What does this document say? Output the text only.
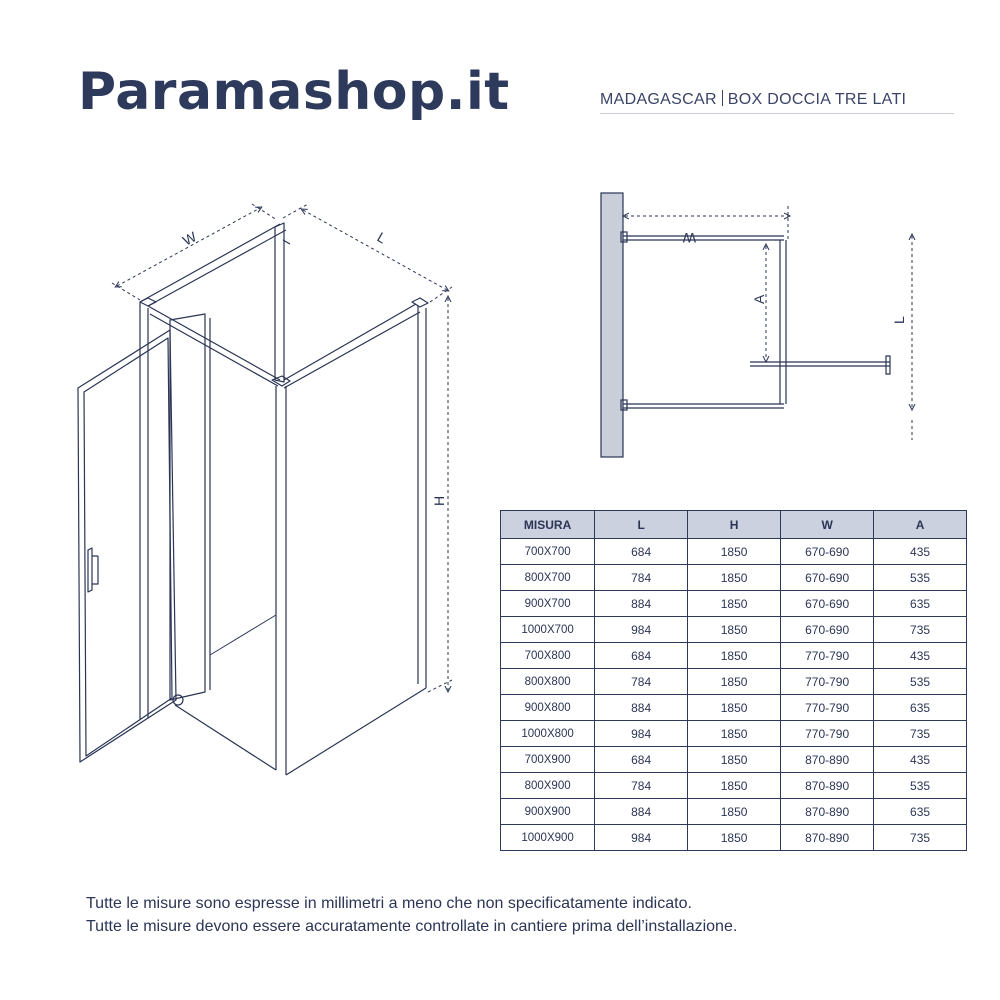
Paramashop.it	MADAGASCAR BOX DOCCIA TRE LATI
W	L
H
W
A
L
MISURA	L	H	W	A
700X700	684	1850	670-690	435
800X700	784	1850	670-690	535
900X700	884	1850	670-690	635
1000X700	984	1850	670-690	735
700X800	684	1850	770-790	435
800X800	784	1850	770-790	535
900X800	884	1850	770-790	635
1000X800	984	1850	770-790	735
700X900	684	1850	870-890	435
800X900	784	1850	870-890	535
900X900	884	1850	870-890	635
1000X900	984	1850	870-890	735
Tutte le misure sono espresse in millimetri a meno che non specificatamente indicato.
Tutte le misure devono essere accuratamente controllate in cantiere prima dell’installazione.
